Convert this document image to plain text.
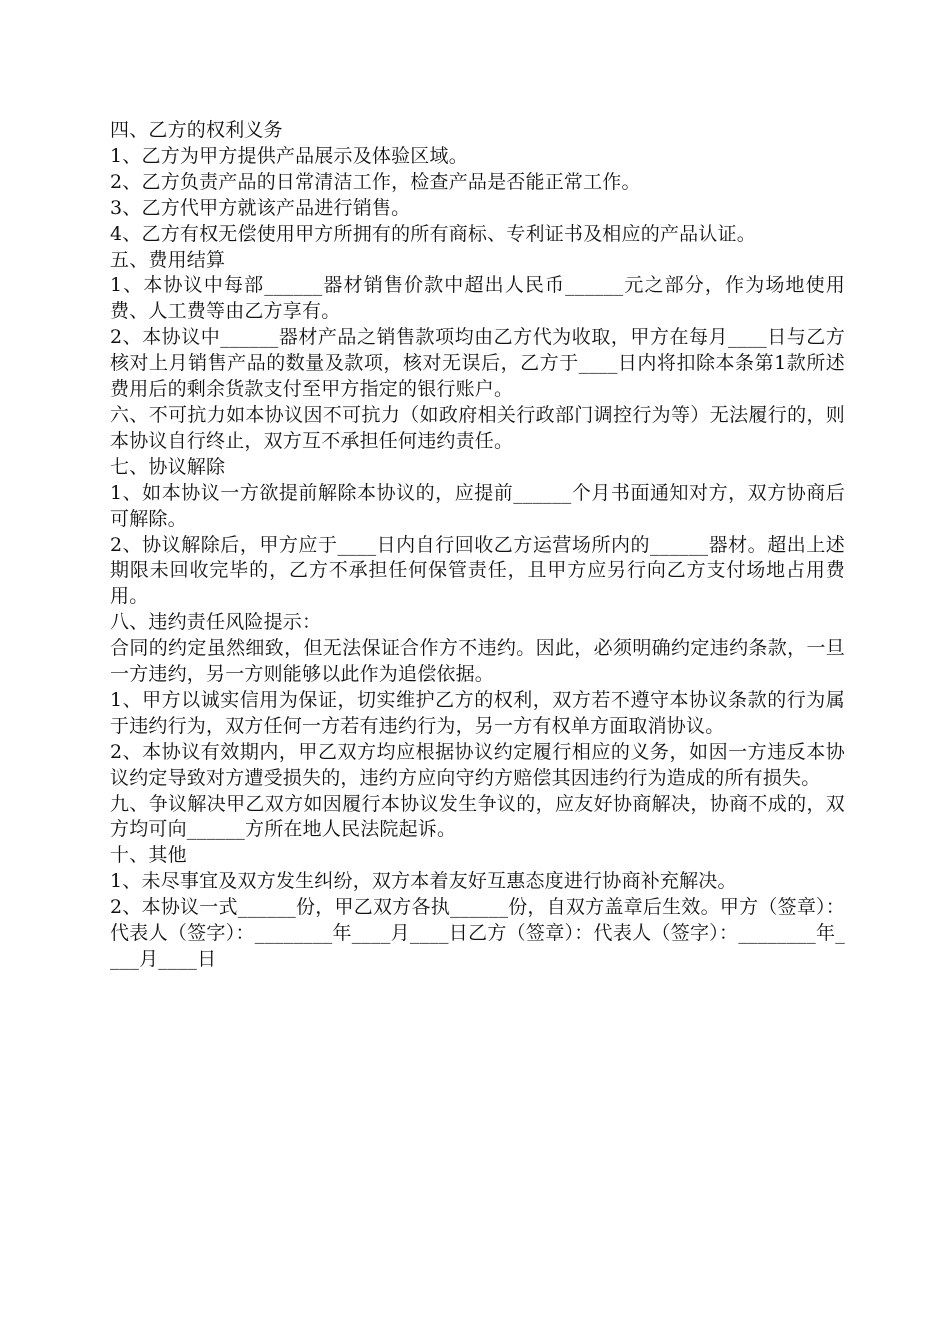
四、乙方的权利义务

1、乙方为甲方提供产品展示及体验区域。

2、乙方负责产品的日常清洁工作，检查产品是否能正常工作。

3、乙方代甲方就该产品进行销售。

4、乙方有权无偿使用甲方所拥有的所有商标、专利证书及相应的产品认证。

五、费用结算

1、本协议中每部______器材销售价款中超出人民币______元之部分，作为场地使用费、人工费等由乙方享有。

2、本协议中______器材产品之销售款项均由乙方代为收取，甲方在每月____日与乙方核对上月销售产品的数量及款项，核对无误后，乙方于____日内将扣除本条第1款所述费用后的剩余货款支付至甲方指定的银行账户。

六、不可抗力如本协议因不可抗力（如政府相关行政部门调控行为等）无法履行的，则本协议自行终止，双方互不承担任何违约责任。

七、协议解除

1、如本协议一方欲提前解除本协议的，应提前______个月书面通知对方，双方协商后可解除。

2、协议解除后，甲方应于____日内自行回收乙方运营场所内的______器材。超出上述期限未回收完毕的，乙方不承担任何保管责任，且甲方应另行向乙方支付场地占用费用。

八、违约责任风险提示：

合同的约定虽然细致，但无法保证合作方不违约。因此，必须明确约定违约条款，一旦一方违约，另一方则能够以此作为追偿依据。

1、甲方以诚实信用为保证，切实维护乙方的权利，双方若不遵守本协议条款的行为属于违约行为，双方任何一方若有违约行为，另一方有权单方面取消协议。

2、本协议有效期内，甲乙双方均应根据协议约定履行相应的义务，如因一方违反本协议约定导致对方遭受损失的，违约方应向守约方赔偿其因违约行为造成的所有损失。

九、争议解决甲乙双方如因履行本协议发生争议的，应友好协商解决，协商不成的，双方均可向______方所在地人民法院起诉。

十、其他

1、未尽事宜及双方发生纠纷，双方本着友好互惠态度进行协商补充解决。

2、本协议一式______份，甲乙双方各执______份，自双方盖章后生效。甲方（签章）：代表人（签字）：________年____月____日乙方（签章）：代表人（签字）：________年____月____日
